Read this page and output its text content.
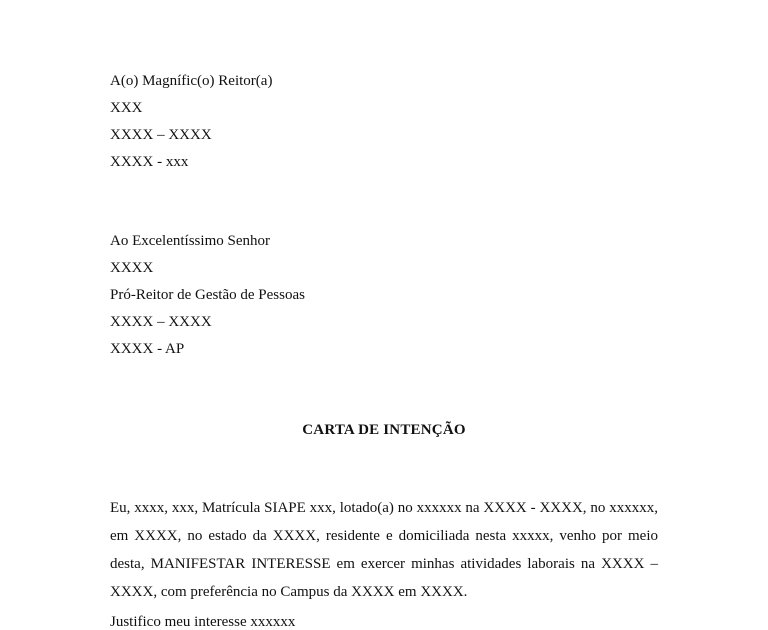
A(o) Magnífic(o) Reitor(a)
XXX
XXXX – XXXX
XXXX - xxx
Ao Excelentíssimo Senhor
XXXX
Pró-Reitor de Gestão de Pessoas
XXXX – XXXX
XXXX - AP
CARTA DE INTENÇÃO

Eu, xxxx, xxx, Matrícula SIAPE xxx, lotado(a) no xxxxxx na XXXX - XXXX, no xxxxxx, em XXXX, no estado da XXXX, residente e domiciliada nesta xxxxx, venho por meio desta, MANIFESTAR INTERESSE em exercer minhas atividades laborais na XXXX – XXXX, com preferência no Campus da XXXX em XXXX.

Justifico meu interesse xxxxxx
